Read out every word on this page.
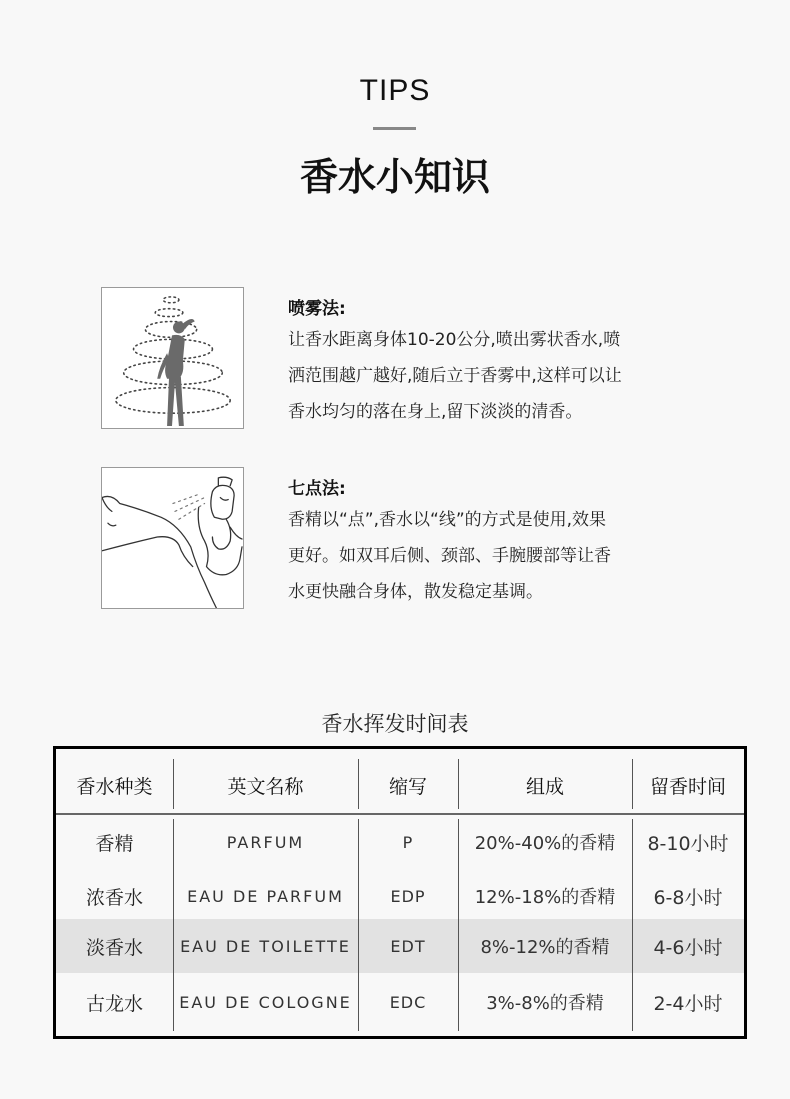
TIPS
香水小知识
喷雾法:
让香水距离身体10-20公分,喷出雾状香水,喷
洒范围越广越好,随后立于香雾中,这样可以让
香水均匀的落在身上,留下淡淡的清香。
七点法:
香精以“点”,香水以“线”的方式是使用,效果
更好。如双耳后侧、颈部、手腕腰部等让香
水更快融合身体，散发稳定基调。
香水挥发时间表
香水种类	英文名称	缩写	组成	留香时间
香精	PARFUM	P	20%-40%的香精	8-10小时
浓香水	EAU DE PARFUM	EDP	12%-18%的香精	6-8小时
淡香水	EAU DE TOILETTE	EDT	8%-12%的香精	4-6小时
古龙水	EAU DE COLOGNE	EDC	3%-8%的香精	2-4小时
